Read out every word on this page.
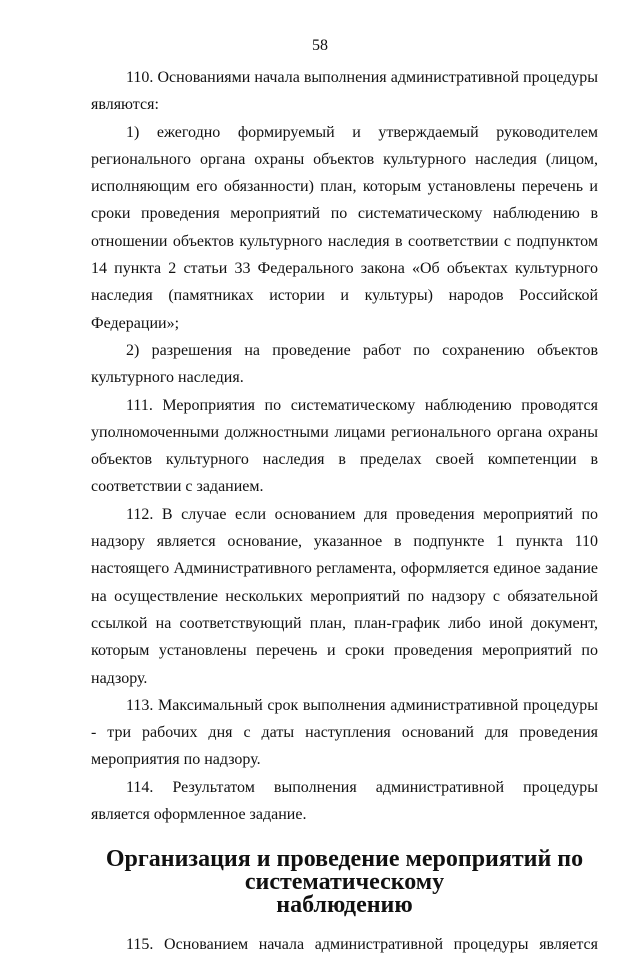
58

110. Основаниями начала выполнения административной процедуры являются:

1) ежегодно формируемый и утверждаемый руководителем регионального органа охраны объектов культурного наследия (лицом, исполняющим его обязанности) план, которым установлены перечень и сроки проведения мероприятий по систематическому наблюдению в отношении объектов культурного наследия в соответствии с подпунктом 14 пункта 2 статьи 33 Федерального закона «Об объектах культурного наследия (памятниках истории и культуры) народов Российской Федерации»;

2) разрешения на проведение работ по сохранению объектов культурного наследия.

111. Мероприятия по систематическому наблюдению проводятся уполномоченными должностными лицами регионального органа охраны объектов культурного наследия в пределах своей компетенции в соответствии с заданием.

112. В случае если основанием для проведения мероприятий по надзору является основание, указанное в подпункте 1 пункта 110 настоящего Административного регламента, оформляется единое задание на осуществление нескольких мероприятий по надзору с обязательной ссылкой на соответствующий план, план-график либо иной документ, которым установлены перечень и сроки проведения мероприятий по надзору.

113. Максимальный срок выполнения административной процедуры - три рабочих дня с даты наступления оснований для проведения мероприятия по надзору.

114. Результатом выполнения административной процедуры является оформленное задание.

Организация и проведение мероприятий по систематическому
наблюдению

115. Основанием начала административной процедуры является
